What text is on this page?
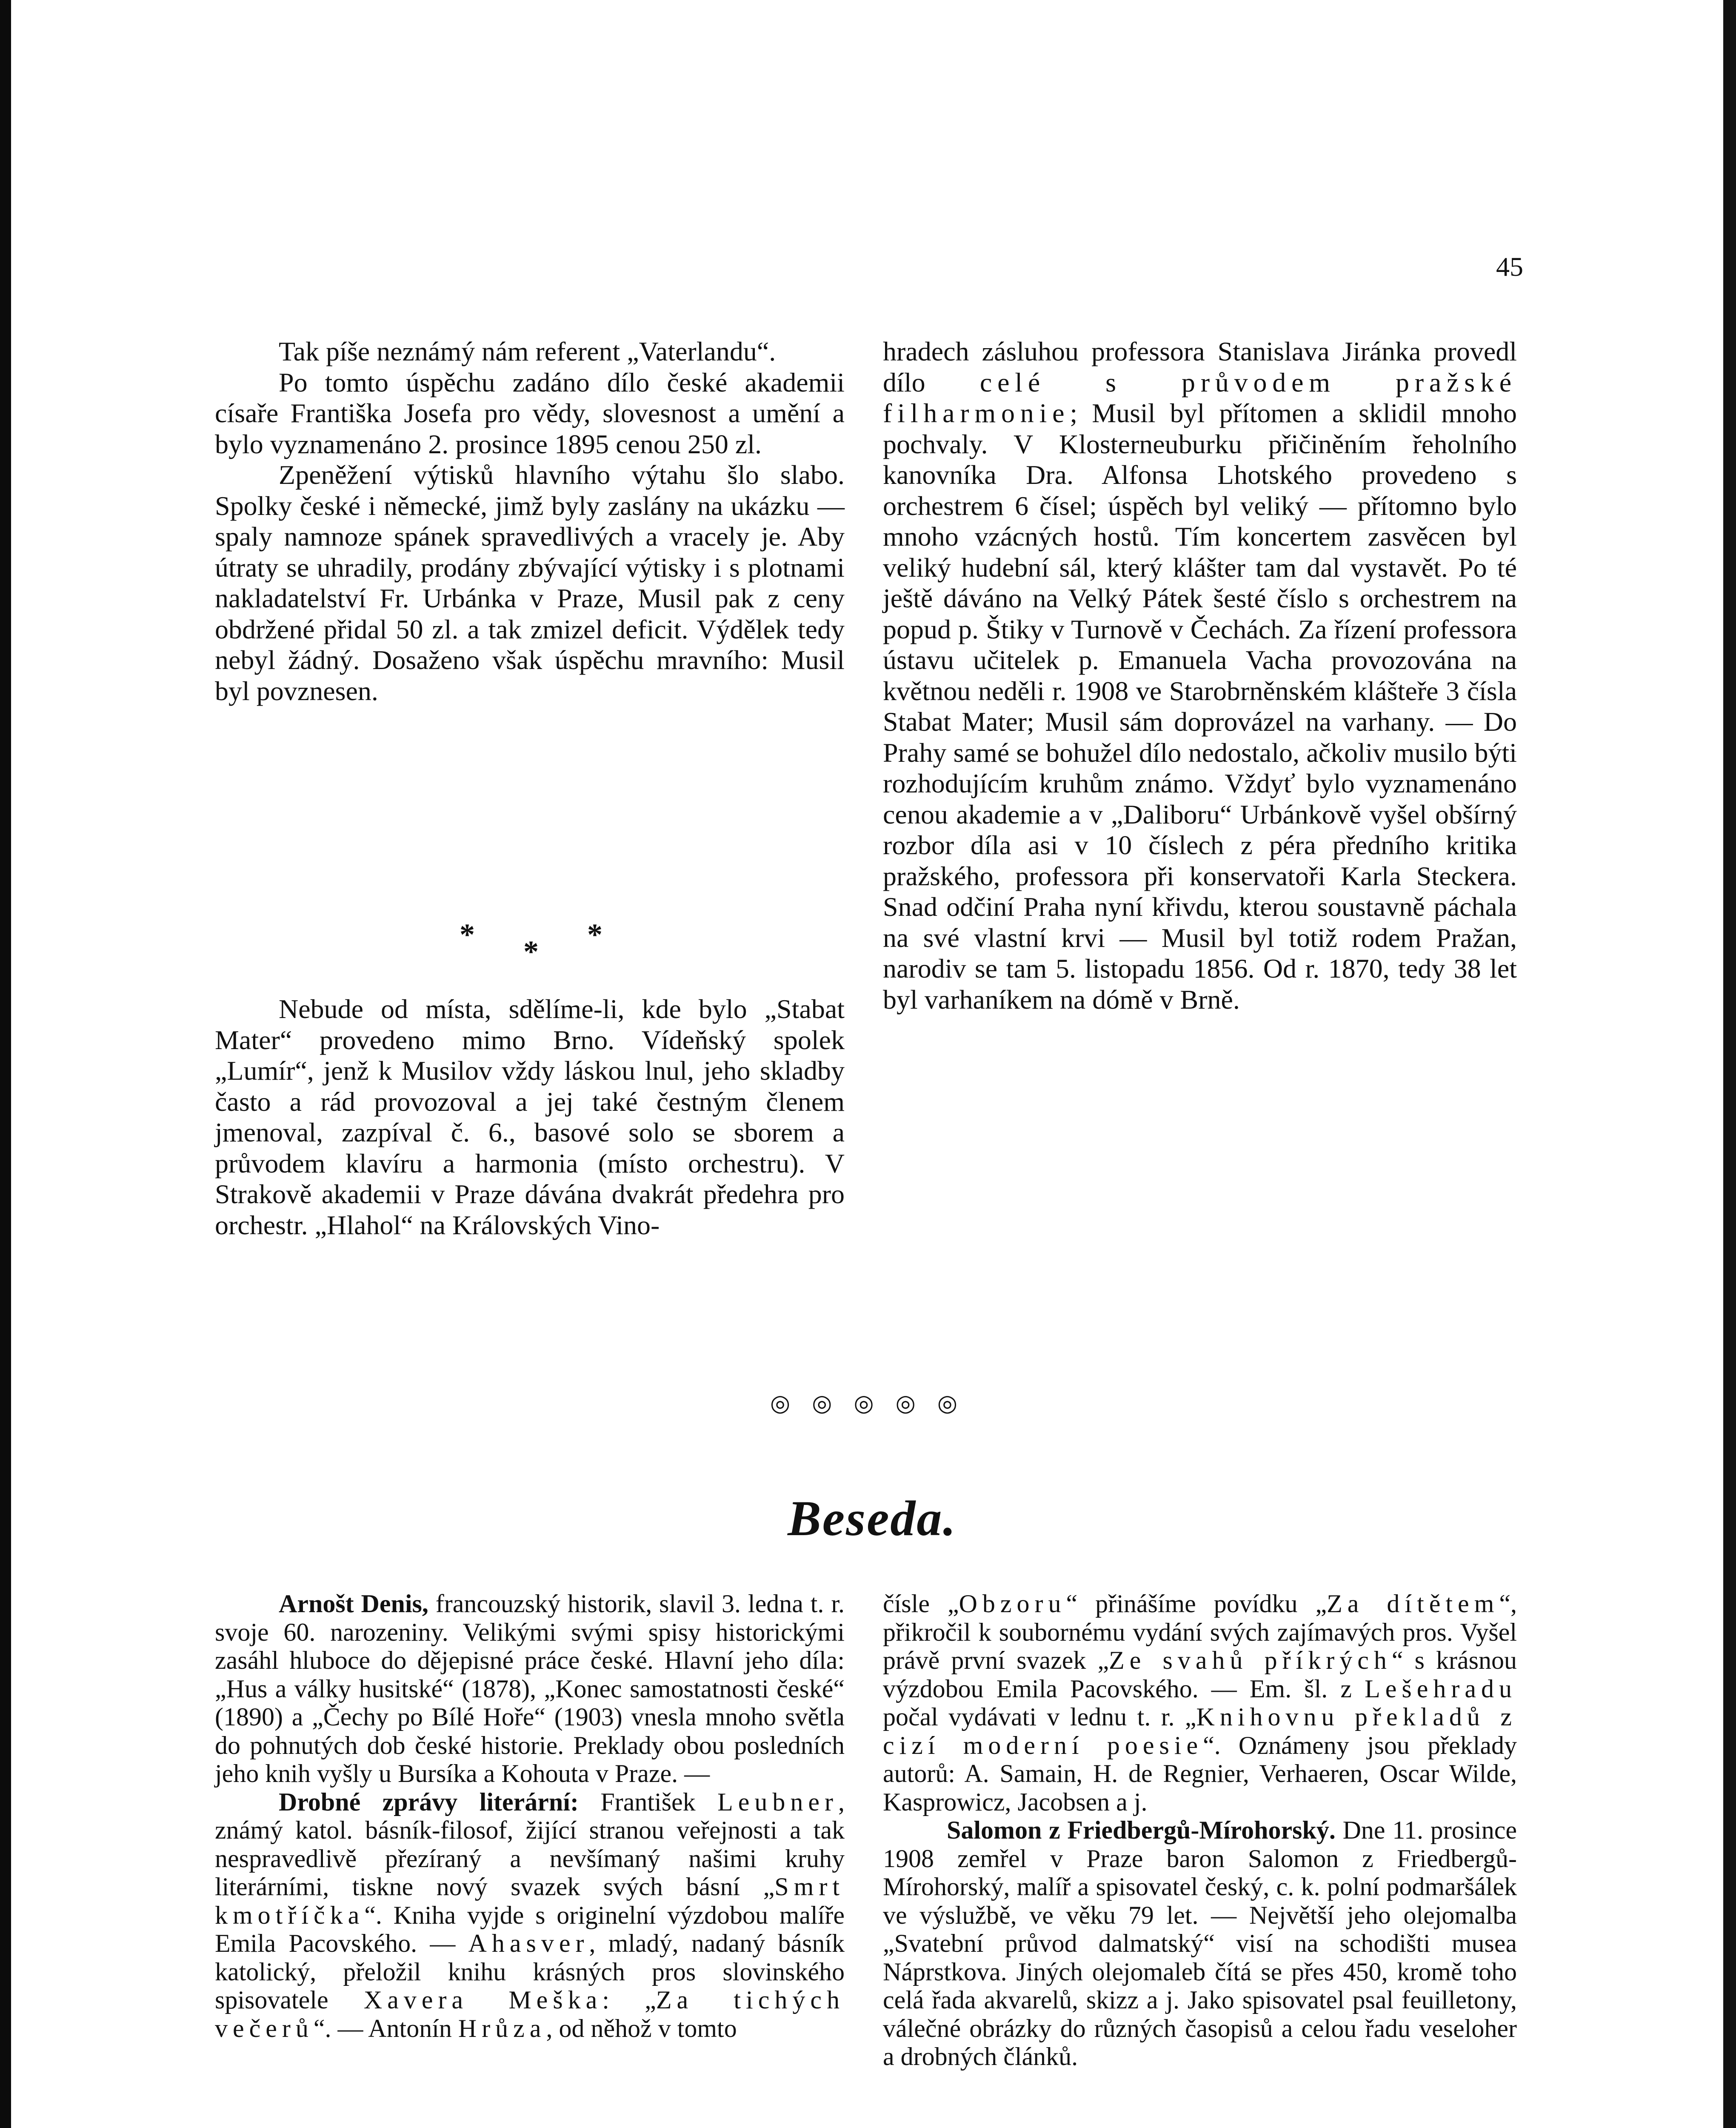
45

Tak píše neznámý nám referent „Vaterlandu“.

Po tomto úspěchu zadáno dílo české akademii císaře Františka Josefa pro vědy, slovesnost a umění a bylo vyznamenáno 2. prosince 1895 cenou 250 zl.

Zpeněžení výtisků hlavního výtahu šlo slabo. Spolky české i německé, jimž byly zaslány na ukázku — spaly namnoze spánek spravedlivých a vracely je. Aby útraty se uhradily, prodány zbývající výtisky i s plotnami nakladatelství Fr. Urbánka v Praze, Musil pak z ceny obdržené přidal 50 zl. a tak zmizel deficit. Výdělek tedy nebyl žádný. Dosaženo však úspěchu mravního: Musil byl povznesen.

* * *

Nebude od místa, sdělíme-li, kde bylo „Stabat Mater“ provedeno mimo Brno. Vídeňský spolek „Lumír“, jenž k Musilov vždy láskou lnul, jeho skladby často a rád provozoval a jej také čestným členem jmenoval, zazpíval č. 6., basové solo se sborem a průvodem klavíru a harmonia (místo orchestru). V Strakově akademii v Praze dávána dvakrát předehra pro orchestr. „Hlahol“ na Královských Vino-

hradech zásluhou professora Stanislava Jiránka provedl dílo celé s průvodem pražské filharmonie; Musil byl přítomen a sklidil mnoho pochvaly. V Klosterneuburku přičiněním řeholního kanovníka Dra. Alfonsa Lhotského provedeno s orchestrem 6 čísel; úspěch byl veliký — přítomno bylo mnoho vzácných hostů. Tím koncertem zasvěcen byl veliký hudební sál, který klášter tam dal vystavět. Po té ještě dáváno na Velký Pátek šesté číslo s orchestrem na popud p. Štiky v Turnově v Čechách. Za řízení professora ústavu učitelek p. Emanuela Vacha provozována na květnou neděli r. 1908 ve Starobrněnském klášteře 3 čísla Stabat Mater; Musil sám doprovázel na varhany. — Do Prahy samé se bohužel dílo nedostalo, ačkoliv musilo býti rozhodujícím kruhům známo. Vždyť bylo vyznamenáno cenou akademie a v „Daliboru“ Urbánkově vyšel obšírný rozbor díla asi v 10 číslech z péra předního kritika pražského, professora při konservatoři Karla Steckera. Snad odčiní Praha nyní křivdu, kterou soustavně páchala na své vlastní krvi — Musil byl totiž rodem Pražan, narodiv se tam 5. listopadu 1856. Od r. 1870, tedy 38 let byl varhaníkem na dómě v Brně.

◎ ◎ ◎ ◎ ◎
Beseda.

Arnošt Denis, francouzský historik, slavil 3. ledna t. r. svoje 60. narozeniny. Velikými svými spisy historickými zasáhl hluboce do dějepisné práce české. Hlavní jeho díla: „Hus a války husitské“ (1878), „Konec samostatnosti české“ (1890) a „Čechy po Bílé Hoře“ (1903) vnesla mnoho světla do pohnutých dob české historie. Preklady obou posledních jeho knih vyšly u Bursíka a Kohouta v Praze. —

Drobné zprávy literární: František Leubner, známý katol. básník-filosof, žijící stranou veřejnosti a tak nespravedlivě přezíraný a nevšímaný našimi kruhy literárními, tiskne nový svazek svých básní „Smrt kmotříčka“. Kniha vyjde s originelní výzdobou malíře Emila Pacovského. — Ahasver, mladý, nadaný básník katolický, přeložil knihu krásných pros slovinského spisovatele Xavera Meška: „Za tichých večerů“. — Antonín Hrůza, od něhož v tomto

čísle „Obzoru“ přinášíme povídku „Za dítětem“, přikročil k soubornému vydání svých zajímavých pros. Vyšel právě první svazek „Ze svahů příkrých“ s krásnou výzdobou Emila Pacovského. — Em. šl. z Lešehradu počal vydávati v lednu t. r. „Knihovnu překladů z cizí moderní poesie“. Oznámeny jsou překlady autorů: A. Samain, H. de Regnier, Verhaeren, Oscar Wilde, Kasprowicz, Jacobsen a j.

Salomon z Friedbergů-Mírohorský. Dne 11. prosince 1908 zemřel v Praze baron Salomon z Friedbergů-Mírohorský, malíř a spisovatel český, c. k. polní podmaršálek ve výslužbě, ve věku 79 let. — Největší jeho olejomalba „Svatební průvod dalmatský“ visí na schodišti musea Náprstkova. Jiných olejomaleb čítá se přes 450, kromě toho celá řada akvarelů, skizz a j. Jako spisovatel psal feuilletony, válečné obrázky do různých časopisů a celou řadu veseloher a drobných článků.
